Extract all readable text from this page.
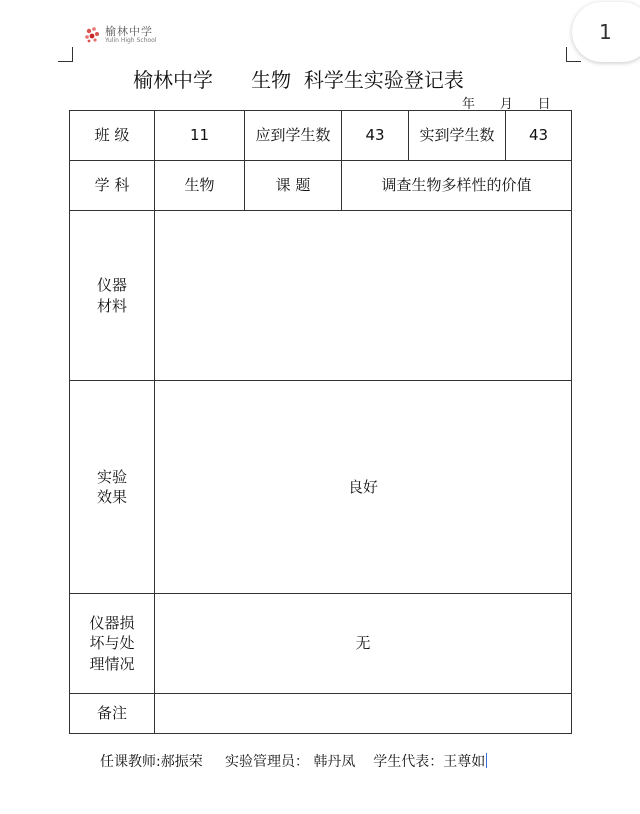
榆林中学
Yulin High School	1
榆林中学 生物 科学生实验登记表
年 月 日
班 级	11	应到学生数	43	实到学生数	43
学 科	生物	课 题	调查生物多样性的价值		

仪器
材料					

实验
效果	良好				

仪器损
坏与处
理情况	无				
备注					
任课教师:郝振荣 实验管理员： 韩丹凤 学生代表：王尊如
